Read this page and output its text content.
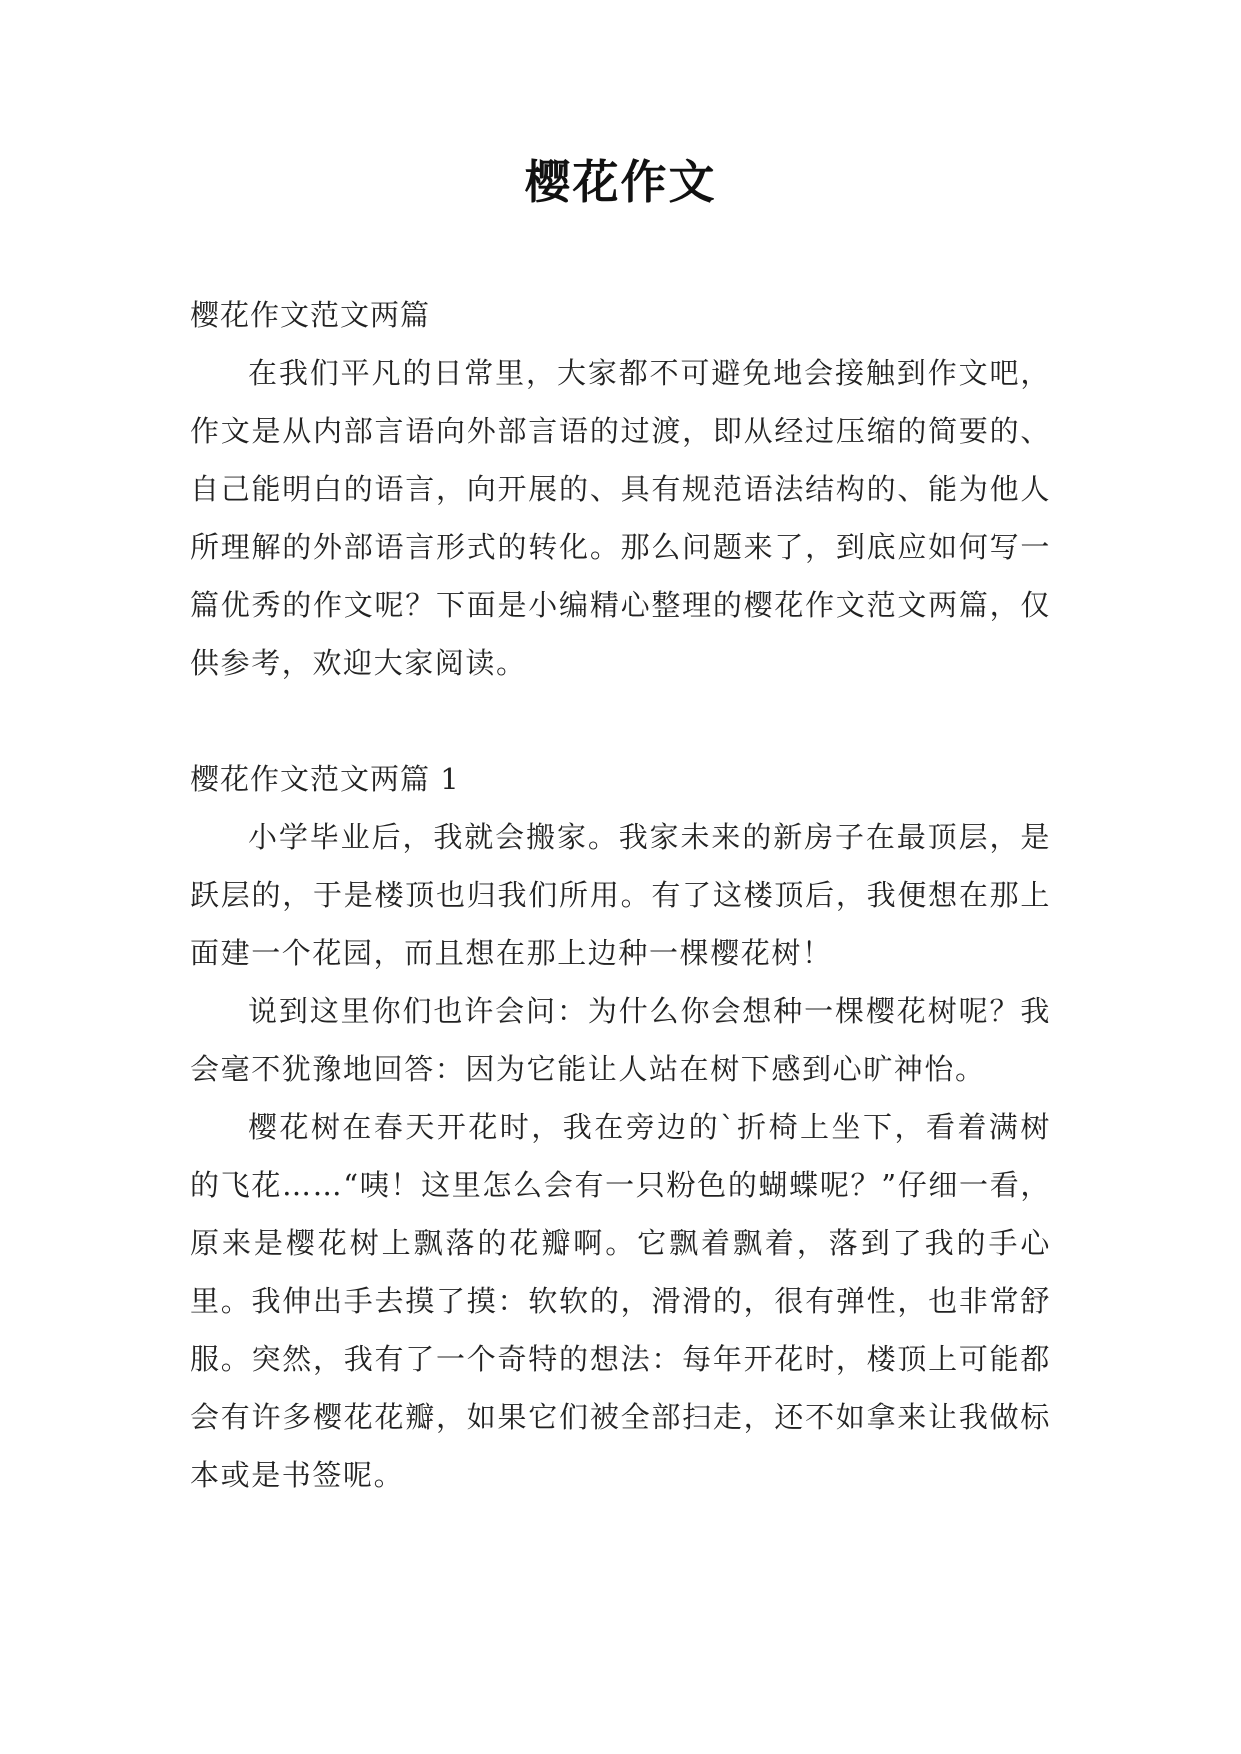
樱花作文
樱花作文范文两篇

在我们平凡的日常里，大家都不可避免地会接触到作文吧，作文是从内部言语向外部言语的过渡，即从经过压缩的简要的、自己能明白的语言，向开展的、具有规范语法结构的、能为他人所理解的外部语言形式的转化。那么问题来了，到底应如何写一篇优秀的作文呢？下面是小编精心整理的樱花作文范文两篇，仅供参考，欢迎大家阅读。

樱花作文范文两篇 1

小学毕业后，我就会搬家。我家未来的新房子在最顶层，是跃层的，于是楼顶也归我们所用。有了这楼顶后，我便想在那上面建一个花园，而且想在那上边种一棵樱花树！

说到这里你们也许会问：为什么你会想种一棵樱花树呢？我会毫不犹豫地回答：因为它能让人站在树下感到心旷神怡。

樱花树在春天开花时，我在旁边的`折椅上坐下，看着满树的飞花……“咦！这里怎么会有一只粉色的蝴蝶呢？”仔细一看，原来是樱花树上飘落的花瓣啊。它飘着飘着，落到了我的手心里。我伸出手去摸了摸：软软的，滑滑的，很有弹性，也非常舒服。突然，我有了一个奇特的想法：每年开花时，楼顶上可能都会有许多樱花花瓣，如果它们被全部扫走，还不如拿来让我做标本或是书签呢。
